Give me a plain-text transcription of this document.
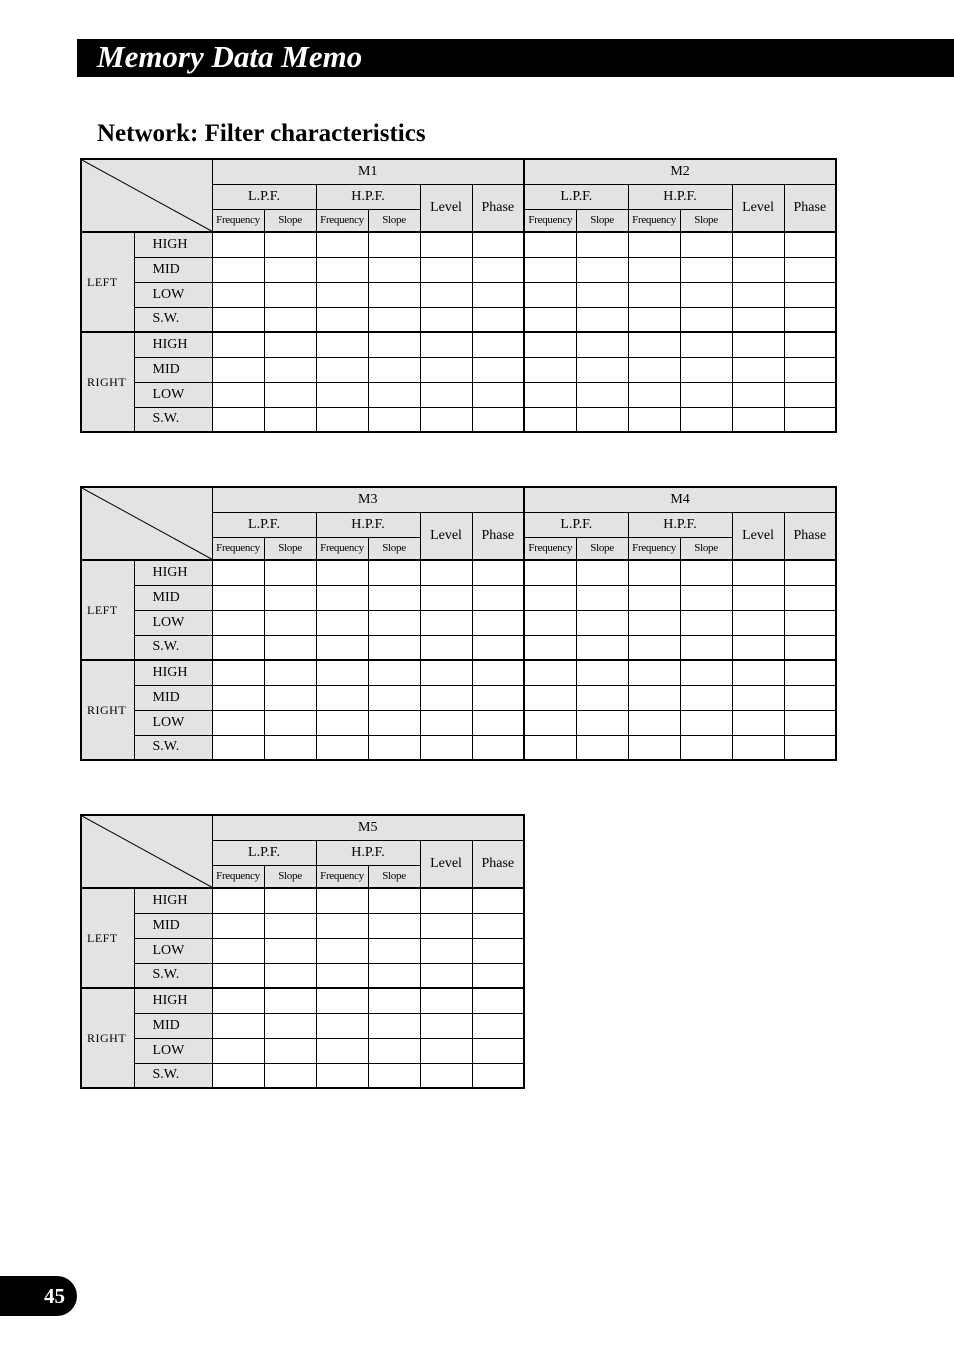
Memory Data Memo
Network: Filter characteristics
	M1						M2					
		L.P.F.		H.P.F.		Level	Phase	L.P.F.		H.P.F.		Level	Phase
		Frequency	Slope	Frequency	Slope			Frequency	Slope	Frequency	Slope		
LEFT	HIGH												
	MID												
	LOW												
	S.W.												
RIGHT	HIGH												
	MID												
	LOW												
	S.W.												
	M3						M4					
		L.P.F.		H.P.F.		Level	Phase	L.P.F.		H.P.F.		Level	Phase
		Frequency	Slope	Frequency	Slope			Frequency	Slope	Frequency	Slope		
LEFT	HIGH												
	MID												
	LOW												
	S.W.												
RIGHT	HIGH												
	MID												
	LOW												
	S.W.												
	M5					
		L.P.F.		H.P.F.		Level	Phase
		Frequency	Slope	Frequency	Slope		
LEFT	HIGH						
	MID						
	LOW						
	S.W.						
RIGHT	HIGH						
	MID						
	LOW						
	S.W.						
45
